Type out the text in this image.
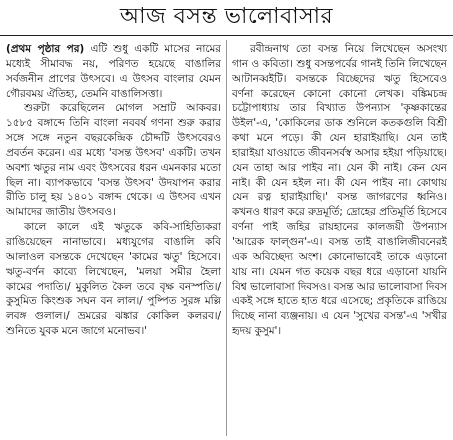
আজ বসন্ত ভালোবাসার

(প্রথম পৃষ্ঠার পর) এটি শুধু একটি মাসের নামের মধ্যেই সীমাবদ্ধ নয়, পরিণত হয়েছে বাঙালির সর্বজনীন প্রাণের উৎসবে। এ উৎসব বাংলার যেমন গৌরবময় ঐতিহ্য, তেমনি বাঙালিসত্তা।

শুরুটা করেছিলেন মোগল সম্রাট আকবর। ১৫৮৫ বঙ্গাব্দে তিনি বাংলা নববর্ষ গণনা শুরু করার সঙ্গে সঙ্গে নতুন বছরকেন্দ্রিক চৌদ্দটি উৎসবেরও প্রবর্তন করেন। এর মধ্যে 'বসন্ত উৎসব' একটি। তখন অবশ্য ঋতুর নাম এবং উৎসবের ধরন এমনকার মতো ছিল না। ব্যাপকভাবে 'বসন্ত উৎসব' উদযাপন করার রীতি চালু হয় ১৪০১ বঙ্গাব্দ থেকে। এ উৎসব এখন আমাদের জাতীয় উৎসবও।

কালে কালে এই ঋতুকে কবি-সাহিত্যিকরা রাঙিয়েছেন নানাভাবে। মধ্যযুগের বাঙালি কবি আলাওল বসন্তকে দেখেছেন 'কামের ঋতু' হিসেবে। ঋতু-বর্ণন কাব্যে লিখেছেন, 'মলয়া সমীর হৈলা কামের পদাতি।/ মুকুলিত কৈল তবে বৃক্ষ বনস্পতি।/ কুসুমিত কিংশুক সঘন বন লাল।/ পুষ্পিত সুরঙ্গ মল্লি লবঙ্গ গুলাল।/ ভ্রমরের ঝঙ্কার কোকিল কলরব।/ শুনিতে যুবক মনে জাগে মনোভব।'

রবীন্দ্রনাথ তো বসন্ত নিয়ে লিখেছেন অসংখ্য গান ও কবিতা। শুধু বসন্তপর্বের গানই তিনি লিখেছেন আটানব্বইটি। বসন্তকে বিচ্ছেদের ঋতু হিসেবেও বর্ণনা করেছেন কোনো কোনো লেখক। বঙ্কিমচন্দ্র চট্টোপাধ্যায় তার বিখ্যাত উপন্যাস 'কৃষ্ণকান্তের উইল'-এ, 'কোকিলের ডাক শুনিলে কতকগুলি বিশ্রী কথা মনে পড়ে। কী যেন হারাইয়াছি। যেন তাই হারাইয়া যাওয়াতে জীবনসর্বস্ব অসার হইয়া পড়িয়াছে। যেন তাহা আর পাইব না। যেন কী নাই। কেন যেন নাই। কী যেন হইল না। কী যেন পাইব না। কোথায় যেন রত্ন হারাইয়াছি।' বসন্ত জাগরণের ধ্বনিও। কখনও ধারণ করে রুদ্রমূর্তি; দ্রোহের প্রতিমূর্তি হিসেবে বর্ণনা পাই জহির রায়হানের কালজয়ী উপন্যাস 'আরেক ফাল্গুন'-এ। বসন্ত তাই বাঙালিজীবনেরই এক অবিচ্ছেদ্য অংশ। কোনোভাবেই তাকে এড়ানো যায় না। যেমন গত কয়েক বছর ধরে এড়ানো যায়নি বিশ্ব ভালোবাসা দিবসও। বসন্ত আর ভালোবাসা দিবস একই সঙ্গে হাতে হাত ধরে এসেছে; প্রকৃতিকে রাঙিয়ে দিচ্ছে নানা ব্যঞ্জনায়। এ যেন 'সুখের বসন্ত'-এ 'সখীর হৃদয় কুসুম'।
